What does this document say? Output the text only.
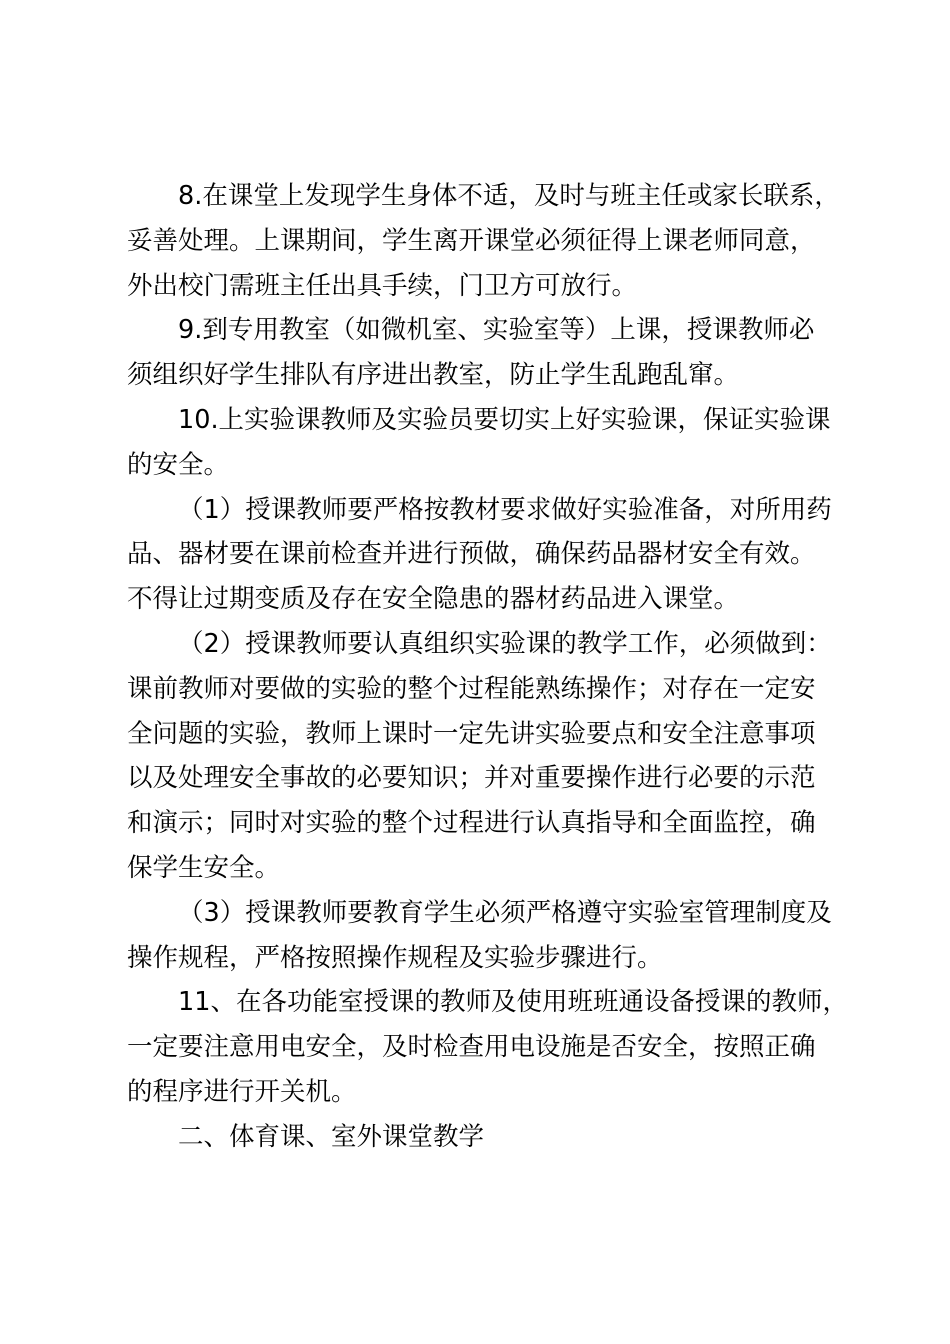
8.在课堂上发现学生身体不适，及时与班主任或家长联系，
妥善处理。上课期间，学生离开课堂必须征得上课老师同意，
外出校门需班主任出具手续，门卫方可放行。
9.到专用教室（如微机室、实验室等）上课，授课教师必
须组织好学生排队有序进出教室，防止学生乱跑乱窜。
10.上实验课教师及实验员要切实上好实验课，保证实验课
的安全。
（1）授课教师要严格按教材要求做好实验准备，对所用药
品、器材要在课前检查并进行预做，确保药品器材安全有效。
不得让过期变质及存在安全隐患的器材药品进入课堂。
（2）授课教师要认真组织实验课的教学工作，必须做到：
课前教师对要做的实验的整个过程能熟练操作；对存在一定安
全问题的实验，教师上课时一定先讲实验要点和安全注意事项
以及处理安全事故的必要知识；并对重要操作进行必要的示范
和演示；同时对实验的整个过程进行认真指导和全面监控，确
保学生安全。
（3）授课教师要教育学生必须严格遵守实验室管理制度及
操作规程，严格按照操作规程及实验步骤进行。
11、在各功能室授课的教师及使用班班通设备授课的教师，
一定要注意用电安全，及时检查用电设施是否安全，按照正确
的程序进行开关机。
二、体育课、室外课堂教学
